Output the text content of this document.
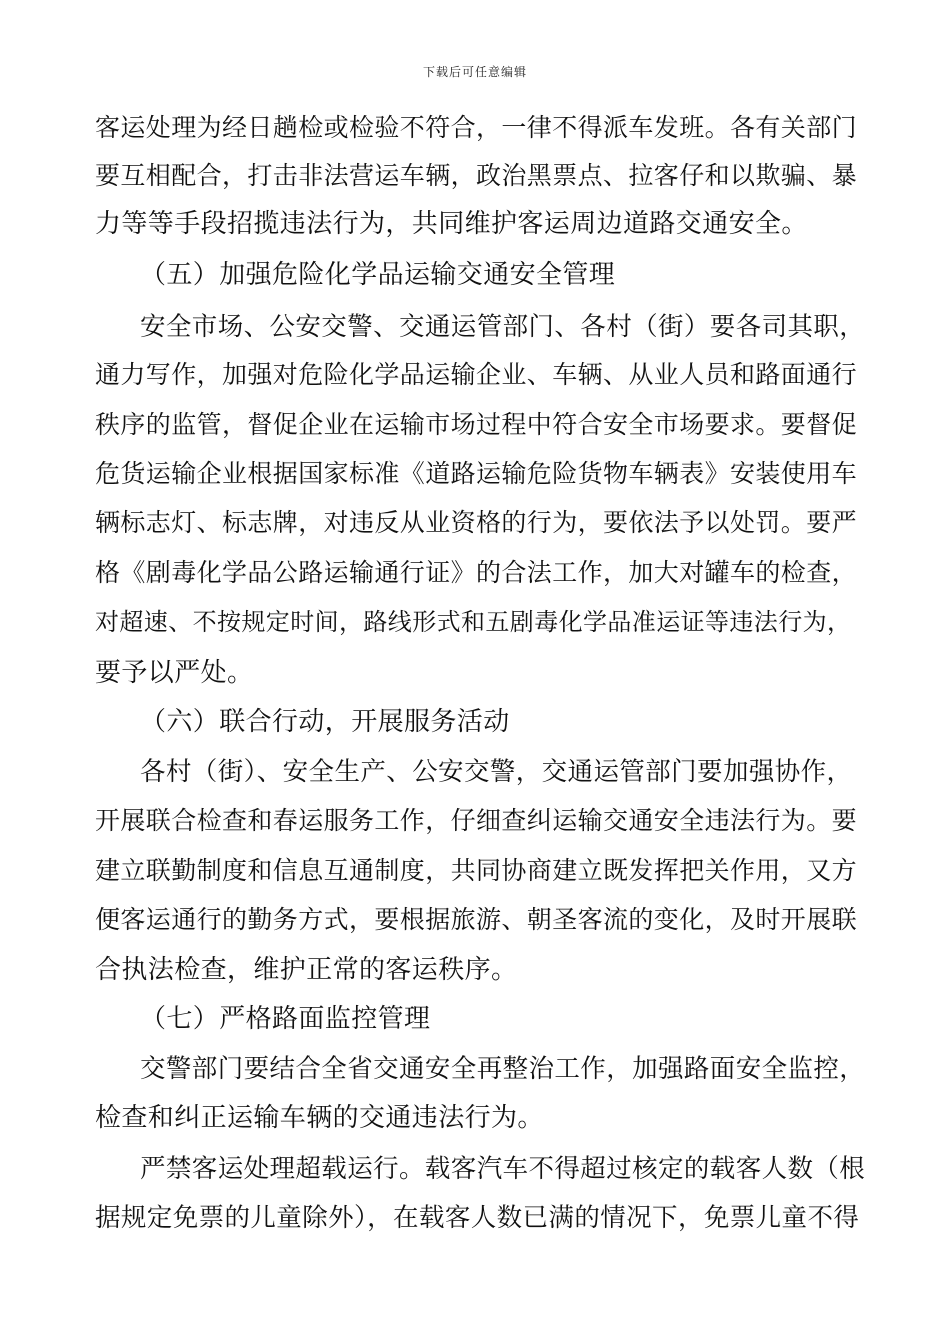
下载后可任意编辑
客运处理为经日趟检或检验不符合，一律不得派车发班。各有关部门
要互相配合，打击非法营运车辆，政治黑票点、拉客仔和以欺骗、暴
力等等手段招揽违法行为，共同维护客运周边道路交通安全。
（五）加强危险化学品运输交通安全管理
安全市场、公安交警、交通运管部门、各村（街）要各司其职，
通力写作，加强对危险化学品运输企业、车辆、从业人员和路面通行
秩序的监管，督促企业在运输市场过程中符合安全市场要求。要督促
危货运输企业根据国家标准《道路运输危险货物车辆表》安装使用车
辆标志灯、标志牌，对违反从业资格的行为，要依法予以处罚。要严
格《剧毒化学品公路运输通行证》的合法工作，加大对罐车的检查，
对超速、不按规定时间，路线形式和五剧毒化学品准运证等违法行为，
要予以严处。
（六）联合行动，开展服务活动
各村（街）、安全生产、公安交警，交通运管部门要加强协作，
开展联合检查和春运服务工作，仔细查纠运输交通安全违法行为。要
建立联勤制度和信息互通制度，共同协商建立既发挥把关作用，又方
便客运通行的勤务方式，要根据旅游、朝圣客流的变化，及时开展联
合执法检查，维护正常的客运秩序。
（七）严格路面监控管理
交警部门要结合全省交通安全再整治工作，加强路面安全监控，
检查和纠正运输车辆的交通违法行为。
严禁客运处理超载运行。载客汽车不得超过核定的载客人数（根
据规定免票的儿童除外），在载客人数已满的情况下，免票儿童不得
